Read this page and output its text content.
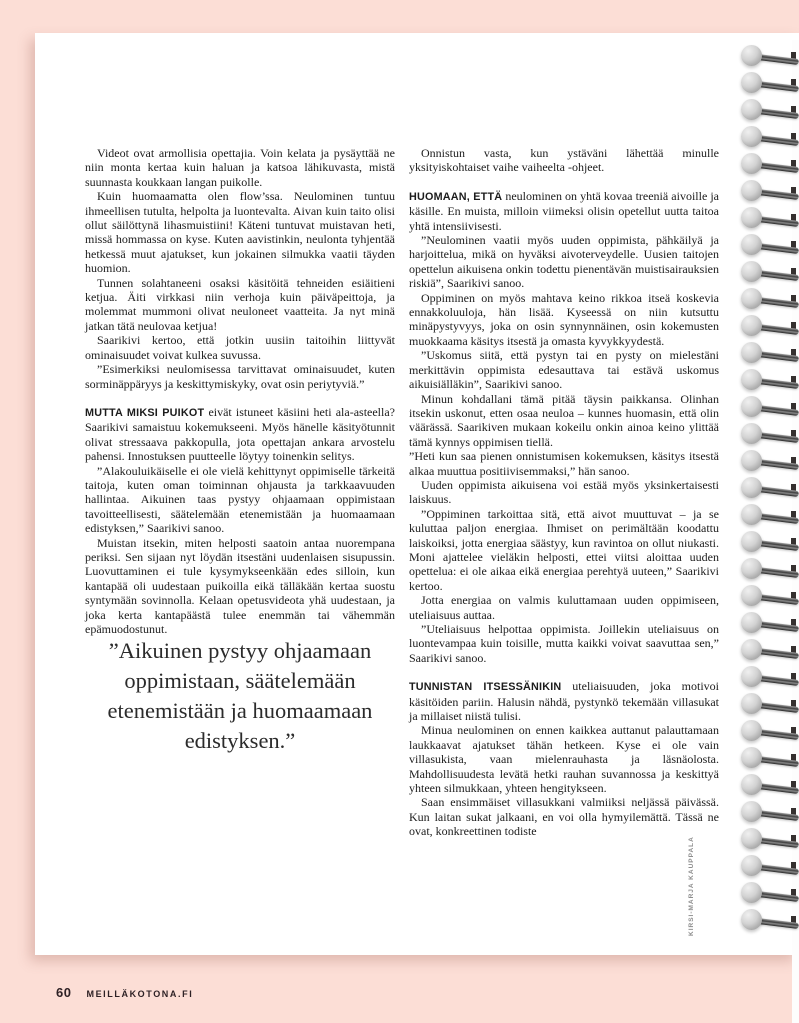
Videot ovat armollisia opettajia. Voin kelata ja pysäyttää ne niin monta kertaa kuin haluan ja katsoa lähikuvasta, mistä suunnasta koukkaan langan puikolle.

Kuin huomaamatta olen flow’ssa. Neulominen tuntuu ihmeellisen tutulta, helpolta ja luontevalta. Aivan kuin taito olisi ollut säilöttynä lihasmuistiini! Käteni tuntuvat muistavan heti, missä hommassa on kyse. Kuten aavistinkin, neulonta tyhjentää hetkessä muut ajatukset, kun jokainen silmukka vaatii täyden huomion.

Tunnen solahtaneeni osaksi käsitöitä tehneiden esiäitieni ketjua. Äiti virkkasi niin verhoja kuin päiväpeittoja, ja molemmat mummoni olivat neuloneet vaatteita. Ja nyt minä jatkan tätä neulovaa ketjua!

Saarikivi kertoo, että jotkin uusiin taitoihin liittyvät ominaisuudet voivat kulkea suvussa.

”Esimerkiksi neulomisessa tarvittavat ominaisuudet, kuten sorminäppäryys ja keskittymiskyky, ovat osin periytyviä.”

MUTTA MIKSI PUIKOT eivät istuneet käsiini heti ala-asteella? Saarikivi samaistuu kokemukseeni. Myös hänelle käsityötunnit olivat stressaava pakkopulla, jota opettajan ankara arvostelu pahensi. Innostuksen puutteelle löytyy toinenkin selitys.

”Alakouluikäiselle ei ole vielä kehittynyt oppimiselle tärkeitä taitoja, kuten oman toiminnan ohjausta ja tarkkaavuuden hallintaa. Aikuinen taas pystyy ohjaamaan oppimistaan tavoitteellisesti, säätelemään etenemistään ja huomaamaan edistyksen,” Saarikivi sanoo.

Muistan itsekin, miten helposti saatoin antaa nuorempana periksi. Sen sijaan nyt löydän itsestäni uudenlaisen sisupussin. Luovuttaminen ei tule kysymykseenkään edes silloin, kun kantapää oli uudestaan puikoilla eikä tälläkään kertaa suostu syntymään sovinnolla. Kelaan opetusvideota yhä uudestaan, ja joka kerta kantapäästä tulee enemmän tai vähemmän epämuodostunut.

”Aikuinen pystyy ohjaamaan oppimistaan, säätelemään etenemistään ja huomaamaan edistyksen.”

Onnistun vasta, kun ystäväni lähettää minulle yksityiskohtaiset vaihe vaiheelta -ohjeet.

HUOMAAN, ETTÄ neulominen on yhtä kovaa treeniä aivoille ja käsille. En muista, milloin viimeksi olisin opetellut uutta taitoa yhtä intensiivisesti.

”Neulominen vaatii myös uuden oppimista, pähkäilyä ja harjoittelua, mikä on hyväksi aivoterveydelle. Uusien taitojen opettelun aikuisena onkin todettu pienentävän muistisairauksien riskiä”, Saarikivi sanoo.

Oppiminen on myös mahtava keino rikkoa itseä koskevia ennakkoluuloja, hän lisää. Kyseessä on niin kutsuttu minäpystyvyys, joka on osin synnynnäinen, osin kokemusten muokkaama käsitys itsestä ja omasta kyvykkyydestä.

”Uskomus siitä, että pystyn tai en pysty on mielestäni merkittävin oppimista edesauttava tai estävä uskomus aikuisiälläkin”, Saarikivi sanoo.

Minun kohdallani tämä pitää täysin paikkansa. Olinhan itsekin uskonut, etten osaa neuloa – kunnes huomasin, että olin väärässä. Saarikiven mukaan kokeilu onkin ainoa keino ylittää tämä kynnys oppimisen tiellä.

”Heti kun saa pienen onnistumisen kokemuksen, käsitys itsestä alkaa muuttua positiivisemmaksi,” hän sanoo.

Uuden oppimista aikuisena voi estää myös yksinkertaisesti laiskuus.

”Oppiminen tarkoittaa sitä, että aivot muuttuvat – ja se kuluttaa paljon energiaa. Ihmiset on perimältään koodattu laiskoiksi, jotta energiaa säästyy, kun ravintoa on ollut niukasti. Moni ajattelee vieläkin helposti, ettei viitsi aloittaa uuden opettelua: ei ole aikaa eikä energiaa perehtyä uuteen,” Saarikivi kertoo.

Jotta energiaa on valmis kuluttamaan uuden oppimiseen, uteliaisuus auttaa.

”Uteliaisuus helpottaa oppimista. Joillekin uteliaisuus on luontevampaa kuin toisille, mutta kaikki voivat saavuttaa sen,” Saarikivi sanoo.

TUNNISTAN ITSESSÄNIKIN uteliaisuuden, joka motivoi käsitöiden pariin. Halusin nähdä, pystynkö tekemään villasukat ja millaiset niistä tulisi.

Minua neulominen on ennen kaikkea auttanut palauttamaan laukkaavat ajatukset tähän hetkeen. Kyse ei ole vain villasukista, vaan mielenrauhasta ja läsnäolosta. Mahdollisuudesta levätä hetki rauhan suvannossa ja keskittyä yhteen silmukkaan, yhteen hengitykseen.

Saan ensimmäiset villasukkani valmiiksi neljässä päivässä. Kun laitan sukat jalkaani, en voi olla hymyilemättä. Tässä ne ovat, konkreettinen todiste

KIRSI-MARJA KAUPPALA
60 MEILLÄKOTONA.FI
